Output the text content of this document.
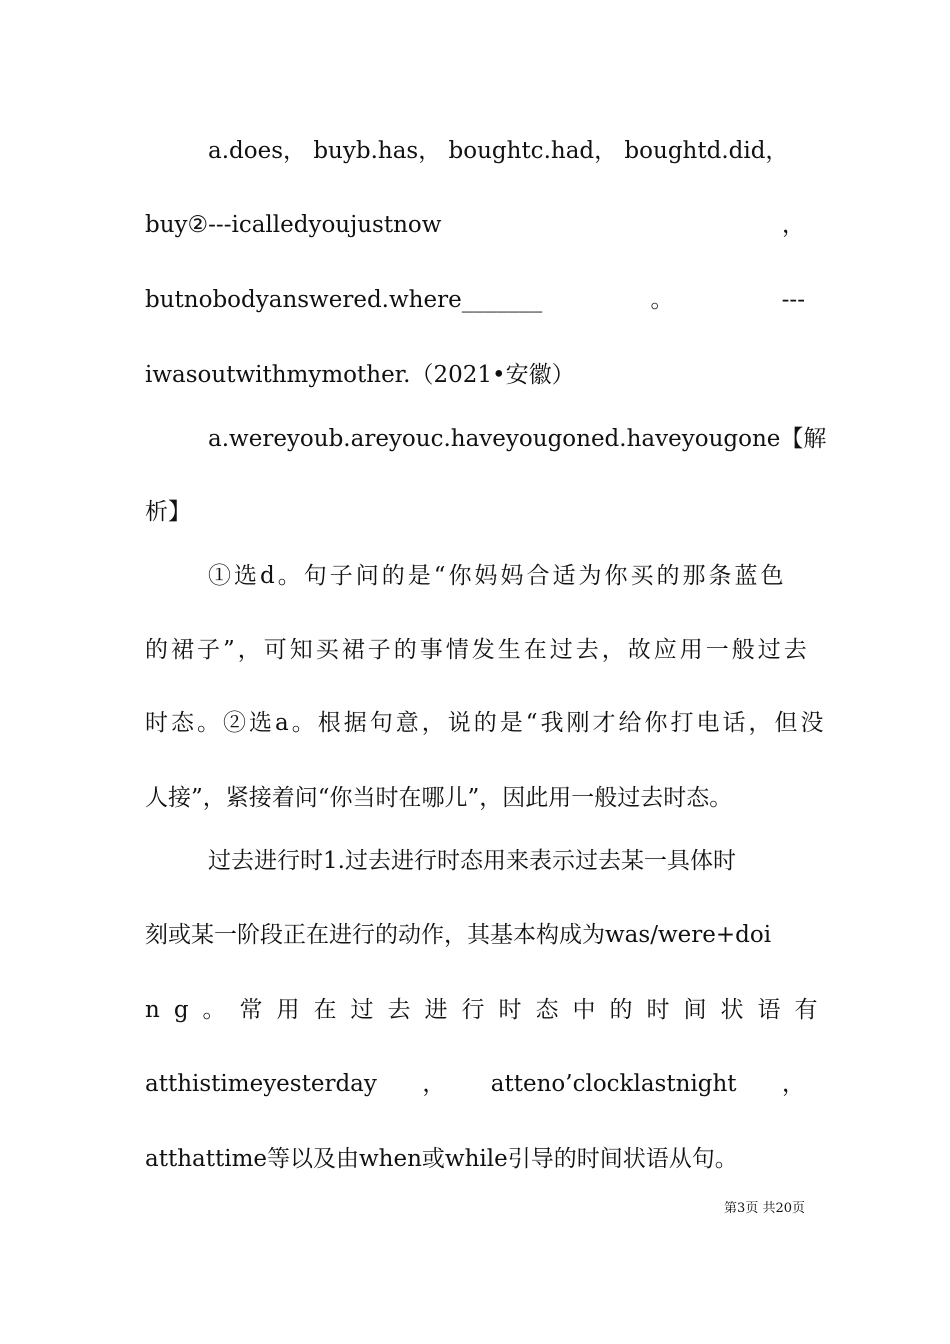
a.does， buyb.has， boughtc.had， boughtd.did，
buy②---icalledyoujustnow	，
butnobodyanswered.where_______	。	---
iwasoutwithmymother.（2021•安徽）
a.wereyoub.areyouc.haveyougoned.haveyougone【解
析】
①选d。句子问的是“你妈妈合适为你买的那条蓝色
的裙子”，可知买裙子的事情发生在过去，故应用一般过去
时态。②选a。根据句意，说的是“我刚才给你打电话，但没
人接”，紧接着问“你当时在哪儿”，因此用一般过去时态。
过去进行时1.过去进行时态用来表示过去某一具体时
刻或某一阶段正在进行的动作，其基本构成为was/were+doi
ng。常用在过去进行时态中的时间状语有
atthistimeyesterday ， atteno’clocklastnight ，
atthattime等以及由when或while引导的时间状语从句。
第3页 共20页
